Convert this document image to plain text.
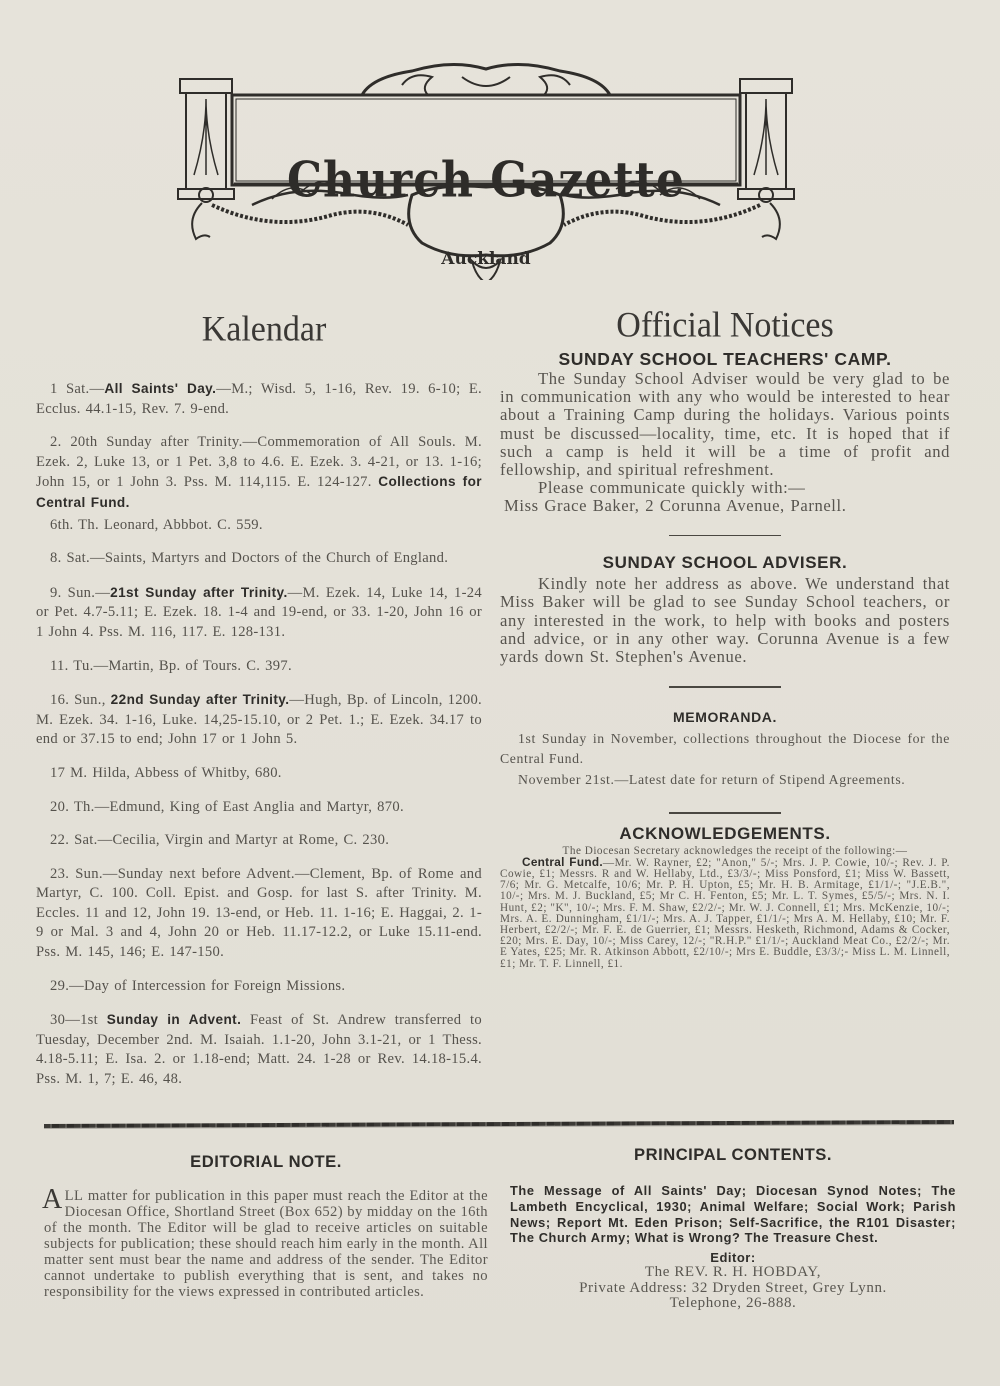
Church Gazette
Auckland
Kalendar

1 Sat.—All Saints' Day.—M.; Wisd. 5, 1-16, Rev. 19. 6-10; E. Ecclus. 44.1-15, Rev. 7. 9-end.

2. 20th Sunday after Trinity.—Commemoration of All Souls. M. Ezek. 2, Luke 13, or 1 Pet. 3,8 to 4.6. E. Ezek. 3. 4-21, or 13. 1-16; John 15, or 1 John 3. Pss. M. 114,115. E. 124-127. Collections for Central Fund.

6th. Th. Leonard, Abbbot. C. 559.

8. Sat.—Saints, Martyrs and Doctors of the Church of England.

9. Sun.—21st Sunday after Trinity.—M. Ezek. 14, Luke 14, 1-24 or Pet. 4.7-5.11; E. Ezek. 18. 1-4 and 19-end, or 33. 1-20, John 16 or 1 John 4. Pss. M. 116, 117. E. 128-131.

11. Tu.—Martin, Bp. of Tours. C. 397.

16. Sun., 22nd Sunday after Trinity.—Hugh, Bp. of Lincoln, 1200. M. Ezek. 34. 1-16, Luke. 14,25-15.10, or 2 Pet. 1.; E. Ezek. 34.17 to end or 37.15 to end; John 17 or 1 John 5.

17 M. Hilda, Abbess of Whitby, 680.

20. Th.—Edmund, King of East Anglia and Martyr, 870.

22. Sat.—Cecilia, Virgin and Martyr at Rome, C. 230.

23. Sun.—Sunday next before Advent.—Clement, Bp. of Rome and Martyr, C. 100. Coll. Epist. and Gosp. for last S. after Trinity. M. Eccles. 11 and 12, John 19. 13-end, or Heb. 11. 1-16; E. Haggai, 2. 1-9 or Mal. 3 and 4, John 20 or Heb. 11.17-12.2, or Luke 15.11-end. Pss. M. 145, 146; E. 147-150.

29.—Day of Intercession for Foreign Missions.

30—1st Sunday in Advent. Feast of St. Andrew transferred to Tuesday, December 2nd. M. Isaiah. 1.1-20, John 3.1-21, or 1 Thess. 4.18-5.11; E. Isa. 2. or 1.18-end; Matt. 24. 1-28 or Rev. 14.18-15.4. Pss. M. 1, 7; E. 46, 48.

Official Notices
SUNDAY SCHOOL TEACHERS' CAMP.

The Sunday School Adviser would be very glad to be in communication with any who would be interested to hear about a Training Camp during the holidays. Various points must be discussed—locality, time, etc. It is hoped that if such a camp is held it will be a time of profit and fellowship, and spiritual refreshment.

Please communicate quickly with:—

Miss Grace Baker, 2 Corunna Avenue, Parnell.

SUNDAY SCHOOL ADVISER.

Kindly note her address as above. We understand that Miss Baker will be glad to see Sunday School teachers, or any interested in the work, to help with books and posters and advice, or in any other way. Corunna Avenue is a few yards down St. Stephen's Avenue.

MEMORANDA.

1st Sunday in November, collections throughout the Diocese for the Central Fund.

November 21st.—Latest date for return of Stipend Agreements.

ACKNOWLEDGEMENTS.

The Diocesan Secretary acknowledges the receipt of the following:—

Central Fund.—Mr. W. Rayner, £2; "Anon," 5/-; Mrs. J. P. Cowie, 10/-; Rev. J. P. Cowie, £1; Messrs. R and W. Hellaby, Ltd., £3/3/-; Miss Ponsford, £1; Miss W. Bassett, 7/6; Mr. G. Metcalfe, 10/6; Mr. P. H. Upton, £5; Mr. H. B. Armitage, £1/1/-; "J.E.B.", 10/-; Mrs. M. J. Buckland, £5; Mr C. H. Fenton, £5; Mr. L. T. Symes, £5/5/-; Mrs. N. I. Hunt, £2; "K", 10/-; Mrs. F. M. Shaw, £2/2/-; Mr. W. J. Connell, £1; Mrs. McKenzie, 10/-; Mrs. A. E. Dunningham, £1/1/-; Mrs. A. J. Tapper, £1/1/-; Mrs A. M. Hellaby, £10; Mr. F. Herbert, £2/2/-; Mr. F. E. de Guerrier, £1; Messrs. Hesketh, Richmond, Adams & Cocker, £20; Mrs. E. Day, 10/-; Miss Carey, 12/-; "R.H.P." £1/1/-; Auckland Meat Co., £2/2/-; Mr. E Yates, £25; Mr. R. Atkinson Abbott, £2/10/-; Mrs E. Buddle, £3/3/;- Miss L. M. Linnell, £1; Mr. T. F. Linnell, £1.

EDITORIAL NOTE.

ALL matter for publication in this paper must reach the Editor at the Diocesan Office, Shortland Street (Box 652) by midday on the 16th of the month. The Editor will be glad to receive articles on suitable subjects for publication; these should reach him early in the month. All matter sent must bear the name and address of the sender. The Editor cannot undertake to publish everything that is sent, and takes no responsibility for the views expressed in contributed articles.

PRINCIPAL CONTENTS.

The Message of All Saints' Day; Diocesan Synod Notes; The Lambeth Encyclical, 1930; Animal Welfare; Social Work; Parish News; Report Mt. Eden Prison; Self-Sacrifice, the R101 Disaster; The Church Army; What is Wrong? The Treasure Chest.

Editor:
The REV. R. H. HOBDAY,
Private Address: 32 Dryden Street, Grey Lynn.
Telephone, 26-888.
